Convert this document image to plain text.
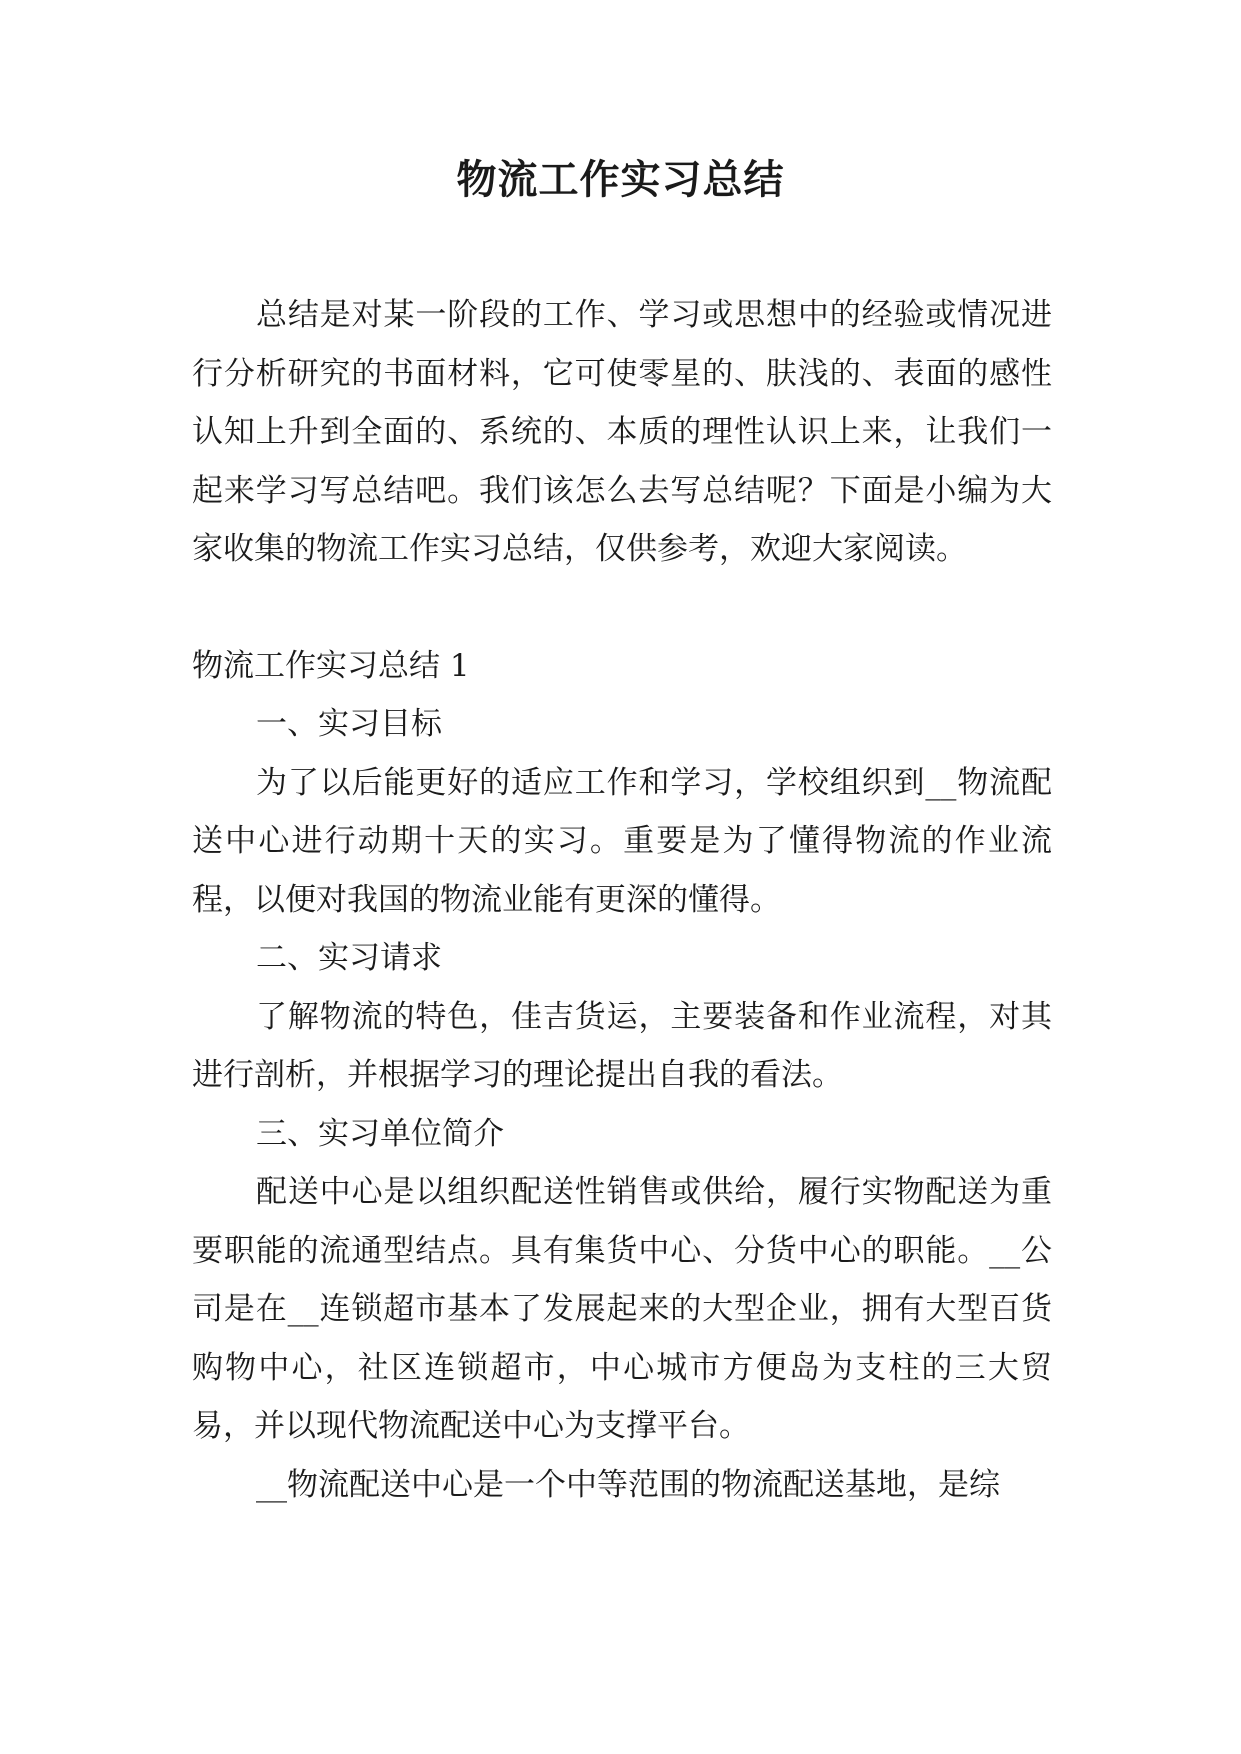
物流工作实习总结

总结是对某一阶段的工作、学习或思想中的经验或情况进行分析研究的书面材料，它可使零星的、肤浅的、表面的感性认知上升到全面的、系统的、本质的理性认识上来，让我们一起来学习写总结吧。我们该怎么去写总结呢？下面是小编为大家收集的物流工作实习总结，仅供参考，欢迎大家阅读。

物流工作实习总结 1

一、实习目标

为了以后能更好的适应工作和学习，学校组织到__物流配送中心进行动期十天的实习。重要是为了懂得物流的作业流程，以便对我国的物流业能有更深的懂得。

二、实习请求

了解物流的特色，佳吉货运，主要装备和作业流程，对其进行剖析，并根据学习的理论提出自我的看法。

三、实习单位简介

配送中心是以组织配送性销售或供给，履行实物配送为重要职能的流通型结点。具有集货中心、分货中心的职能。__公司是在__连锁超市基本了发展起来的大型企业，拥有大型百货购物中心，社区连锁超市，中心城市方便岛为支柱的三大贸易，并以现代物流配送中心为支撑平台。

__物流配送中心是一个中等范围的物流配送基地，是综
